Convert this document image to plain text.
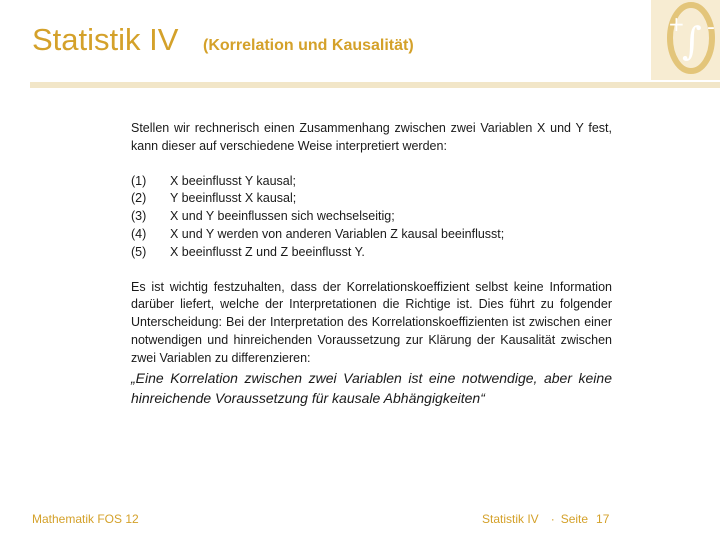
Statistik IV (Korrelation und Kausalität)
+
∫ -

Stellen wir rechnerisch einen Zusammenhang zwischen zwei Variablen X und Y fest, kann dieser auf verschiedene Weise interpretiert werden:

(1)	X beeinflusst Y kausal;
(2)	Y beeinflusst X kausal;
(3)	X und Y beeinflussen sich wechselseitig;
(4)	X und Y werden von anderen Variablen Z kausal beeinflusst;
(5)	X beeinflusst Z und Z beeinflusst Y.

Es ist wichtig festzuhalten, dass der Korrelationskoeffizient selbst keine Information darüber liefert, welche der Interpretationen die Richtige ist. Dies führt zu folgender Unterscheidung: Bei der Interpretation des Korrelationskoeffizienten ist zwischen einer notwendigen und hinreichenden Voraussetzung zur Klärung der Kausalität zwischen zwei Variablen zu differenzieren:

„Eine Korrelation zwischen zwei Variablen ist eine notwendige, aber keine hinreichende Voraussetzung für kausale Abhängigkeiten“

Mathematik FOS 12	Statistik IV · Seite 17
